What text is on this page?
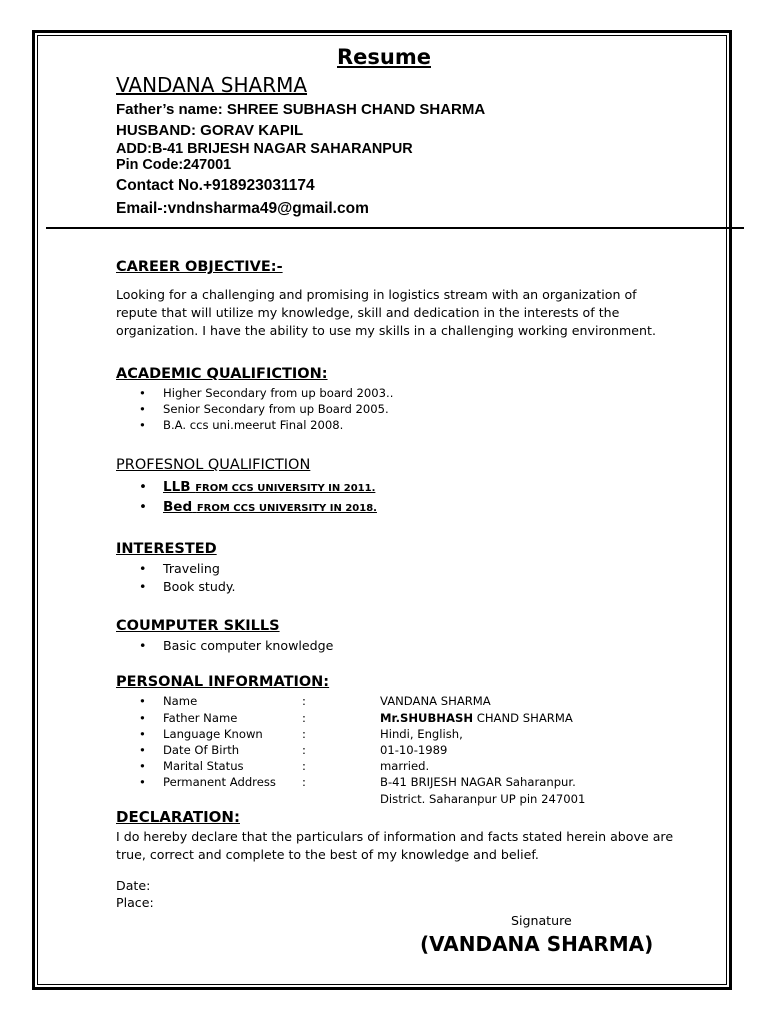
Resume
VANDANA SHARMA
Father’s name: SHREE SUBHASH CHAND SHARMA
HUSBAND: GORAV KAPIL
ADD:B-41 BRIJESH NAGAR SAHARANPUR
Pin Code:247001
Contact No.+918923031174
Email-:vndnsharma49@gmail.com
CAREER OBJECTIVE:-
Looking for a challenging and promising in logistics stream with an organization of
repute that will utilize my knowledge, skill and dedication in the interests of the
organization. I have the ability to use my skills in a challenging working environment.
ACADEMIC QUALIFICTION:
Higher Secondary from up board 2003..
Senior Secondary from up Board 2005.
B.A. ccs uni.meerut Final 2008.
PROFESNOL QUALIFICTION
LLB FROM CCS UNIVERSITY IN 2011.
Bed FROM CCS UNIVERSITY IN 2018.
INTERESTED
Traveling
Book study.
COUMPUTER SKILLS
Basic computer knowledge
PERSONAL INFORMATION:
Name	:	VANDANA SHARMA
Father Name	:	Mr.SHUBHASH CHAND SHARMA
Language Known	:	Hindi, English,
Date Of Birth	:	01-10-1989
Marital Status	:	married.
Permanent Address :	B-41 BRIJESH NAGAR Saharanpur.
District. Saharanpur UP pin 247001
DECLARATION:
I do hereby declare that the particulars of information and facts stated herein above are
true, correct and complete to the best of my knowledge and belief.
Date:
Place:
Signature
(VANDANA SHARMA)
